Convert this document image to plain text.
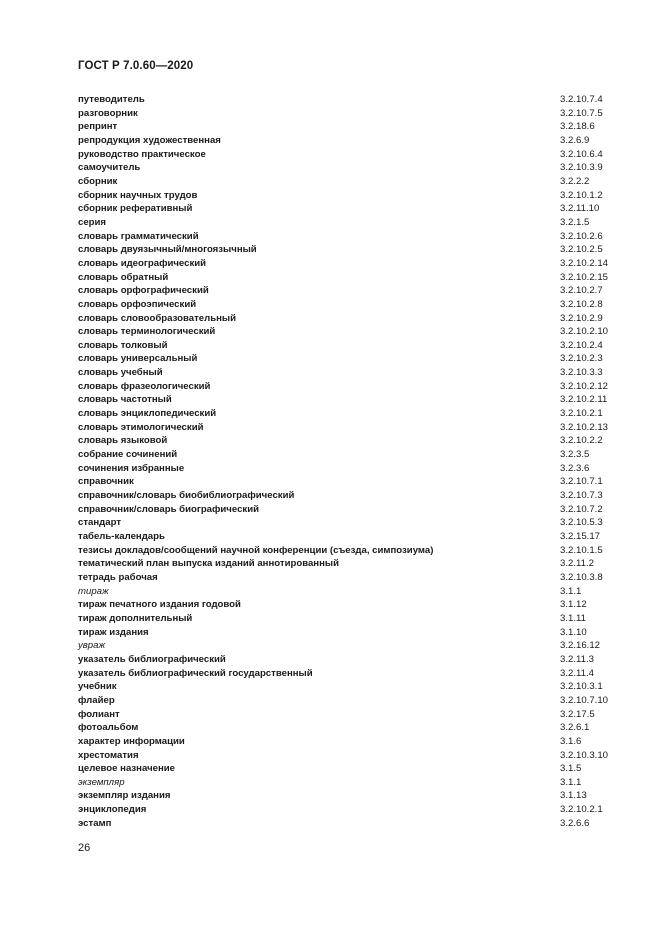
ГОСТ Р 7.0.60—2020
путеводитель	3.2.10.7.4
разговорник	3.2.10.7.5
репринт	3.2.18.6
репродукция художественная	3.2.6.9
руководство практическое	3.2.10.6.4
самоучитель	3.2.10.3.9
сборник	3.2.2.2
сборник научных трудов	3.2.10.1.2
сборник реферативный	3.2.11.10
серия	3.2.1.5
словарь грамматический	3.2.10.2.6
словарь двуязычный/многоязычный	3.2.10.2.5
словарь идеографический	3.2.10.2.14
словарь обратный	3.2.10.2.15
словарь орфографический	3.2.10.2.7
словарь орфоэпический	3.2.10.2.8
словарь словообразовательный	3.2.10.2.9
словарь терминологический	3.2.10.2.10
словарь толковый	3.2.10.2.4
словарь универсальный	3.2.10.2.3
словарь учебный	3.2.10.3.3
словарь фразеологический	3.2.10.2.12
словарь частотный	3.2.10.2.11
словарь энциклопедический	3.2.10.2.1
словарь этимологический	3.2.10.2.13
словарь языковой	3.2.10.2.2
собрание сочинений	3.2.3.5
сочинения избранные	3.2.3.6
справочник	3.2.10.7.1
справочник/словарь биобиблиографический	3.2.10.7.3
справочник/словарь биографический	3.2.10.7.2
стандарт	3.2.10.5.3
табель-календарь	3.2.15.17
тезисы докладов/сообщений научной конференции (съезда, симпозиума)	3.2.10.1.5
тематический план выпуска изданий аннотированный	3.2.11.2
тетрадь рабочая	3.2.10.3.8
тираж	3.1.1
тираж печатного издания годовой	3.1.12
тираж дополнительный	3.1.11
тираж издания	3.1.10
увраж	3.2.16.12
указатель библиографический	3.2.11.3
указатель библиографический государственный	3.2.11.4
учебник	3.2.10.3.1
флайер	3.2.10.7.10
фолиант	3.2.17.5
фотоальбом	3.2.6.1
характер информации	3.1.6
хрестоматия	3.2.10.3.10
целевое назначение	3.1.5
экземпляр	3.1.1
экземпляр издания	3.1.13
энциклопедия	3.2.10.2.1
эстамп	3.2.6.6
26
